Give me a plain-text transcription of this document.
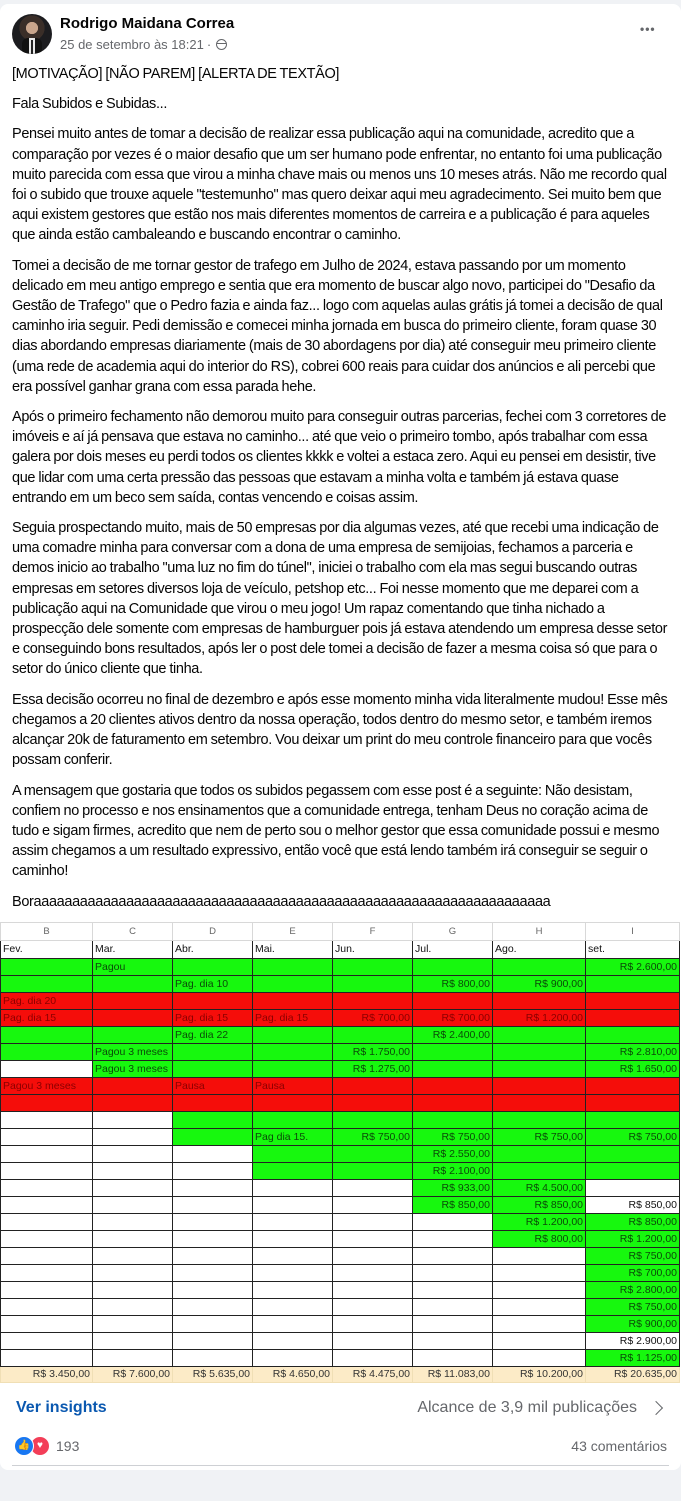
Rodrigo Maidana Correa
25 de setembro às 18:21 ·
•••

[MOTIVAÇÃO] [NÃO PAREM] [ALERTA DE TEXTÃO]

Fala Subidos e Subidas...

Pensei muito antes de tomar a decisão de realizar essa publicação aqui na comunidade, acredito que a comparação por vezes é o maior desafio que um ser humano pode enfrentar, no entanto foi uma publicação muito parecida com essa que virou a minha chave mais ou menos uns 10 meses atrás. Não me recordo qual foi o subido que trouxe aquele "testemunho" mas quero deixar aqui meu agradecimento. Sei muito bem que aqui existem gestores que estão nos mais diferentes momentos de carreira e a publicação é para aqueles que ainda estão cambaleando e buscando encontrar o caminho.

Tomei a decisão de me tornar gestor de trafego em Julho de 2024, estava passando por um momento delicado em meu antigo emprego e sentia que era momento de buscar algo novo, participei do "Desafio da Gestão de Trafego" que o Pedro fazia e ainda faz... logo com aquelas aulas grátis já tomei a decisão de qual caminho iria seguir. Pedi demissão e comecei minha jornada em busca do primeiro cliente, foram quase 30 dias abordando empresas diariamente (mais de 30 abordagens por dia) até conseguir meu primeiro cliente (uma rede de academia aqui do interior do RS), cobrei 600 reais para cuidar dos anúncios e ali percebi que era possível ganhar grana com essa parada hehe.

Após o primeiro fechamento não demorou muito para conseguir outras parcerias, fechei com 3 corretores de imóveis e aí já pensava que estava no caminho... até que veio o primeiro tombo, após trabalhar com essa galera por dois meses eu perdi todos os clientes kkkk e voltei a estaca zero. Aqui eu pensei em desistir, tive que lidar com uma certa pressão das pessoas que estavam a minha volta e também já estava quase entrando em um beco sem saída, contas vencendo e coisas assim.

Seguia prospectando muito, mais de 50 empresas por dia algumas vezes, até que recebi uma indicação de uma comadre minha para conversar com a dona de uma empresa de semijoias, fechamos a parceria e demos inicio ao trabalho "uma luz no fim do túnel", iniciei o trabalho com ela mas segui buscando outras empresas em setores diversos loja de veículo, petshop etc... Foi nesse momento que me deparei com a publicação aqui na Comunidade que virou o meu jogo! Um rapaz comentando que tinha nichado a prospecção dele somente com empresas de hamburguer pois já estava atendendo um empresa desse setor e conseguindo bons resultados, após ler o post dele tomei a decisão de fazer a mesma coisa só que para o setor do único cliente que tinha.

Essa decisão ocorreu no final de dezembro e após esse momento minha vida literalmente mudou! Esse mês chegamos a 20 clientes ativos dentro da nossa operação, todos dentro do mesmo setor, e também iremos alcançar 20k de faturamento em setembro. Vou deixar um print do meu controle financeiro para que vocês possam conferir.

A mensagem que gostaria que todos os subidos pegassem com esse post é a seguinte: Não desistam, confiem no processo e nos ensinamentos que a comunidade entrega, tenham Deus no coração acima de tudo e sigam firmes, acredito que nem de perto sou o melhor gestor que essa comunidade possui e mesmo assim chegamos a um resultado expressivo, então você que está lendo também irá conseguir se seguir o caminho!

Boraaaaaaaaaaaaaaaaaaaaaaaaaaaaaaaaaaaaaaaaaaaaaaaaaaaaaaaaaaaaaaaaaaa

B	C	D	E	F	G	H	I
Fev.	Mar.	Abr.	Mai.	Jun.	Jul.	Ago.	set.
	Pagou						R$ 2.600,00
		Pag. dia 10			R$ 800,00	R$ 900,00	
Pag. dia 20							
Pag. dia 15		Pag. dia 15	Pag. dia 15	R$ 700,00	R$ 700,00	R$ 1.200,00	
		Pag. dia 22			R$ 2.400,00		
	Pagou 3 meses			R$ 1.750,00			R$ 2.810,00
	Pagou 3 meses			R$ 1.275,00			R$ 1.650,00
Pagou 3 meses		Pausa	Pausa				

			Pag dia 15.	R$ 750,00	R$ 750,00	R$ 750,00	R$ 750,00
					R$ 2.550,00		
					R$ 2.100,00		
					R$ 933,00	R$ 4.500,00	
					R$ 850,00	R$ 850,00	R$ 850,00
						R$ 1.200,00	R$ 850,00
						R$ 800,00	R$ 1.200,00
							R$ 750,00
							R$ 700,00
							R$ 2.800,00
							R$ 750,00
							R$ 900,00
							R$ 2.900,00
							R$ 1.125,00
R$ 3.450,00	R$ 7.600,00	R$ 5.635,00	R$ 4.650,00	R$ 4.475,00	R$ 11.083,00	R$ 10.200,00	R$ 20.635,00
Ver insights	Alcance de 3,9 mil publicações
👍 ♥ 193	43 comentários
